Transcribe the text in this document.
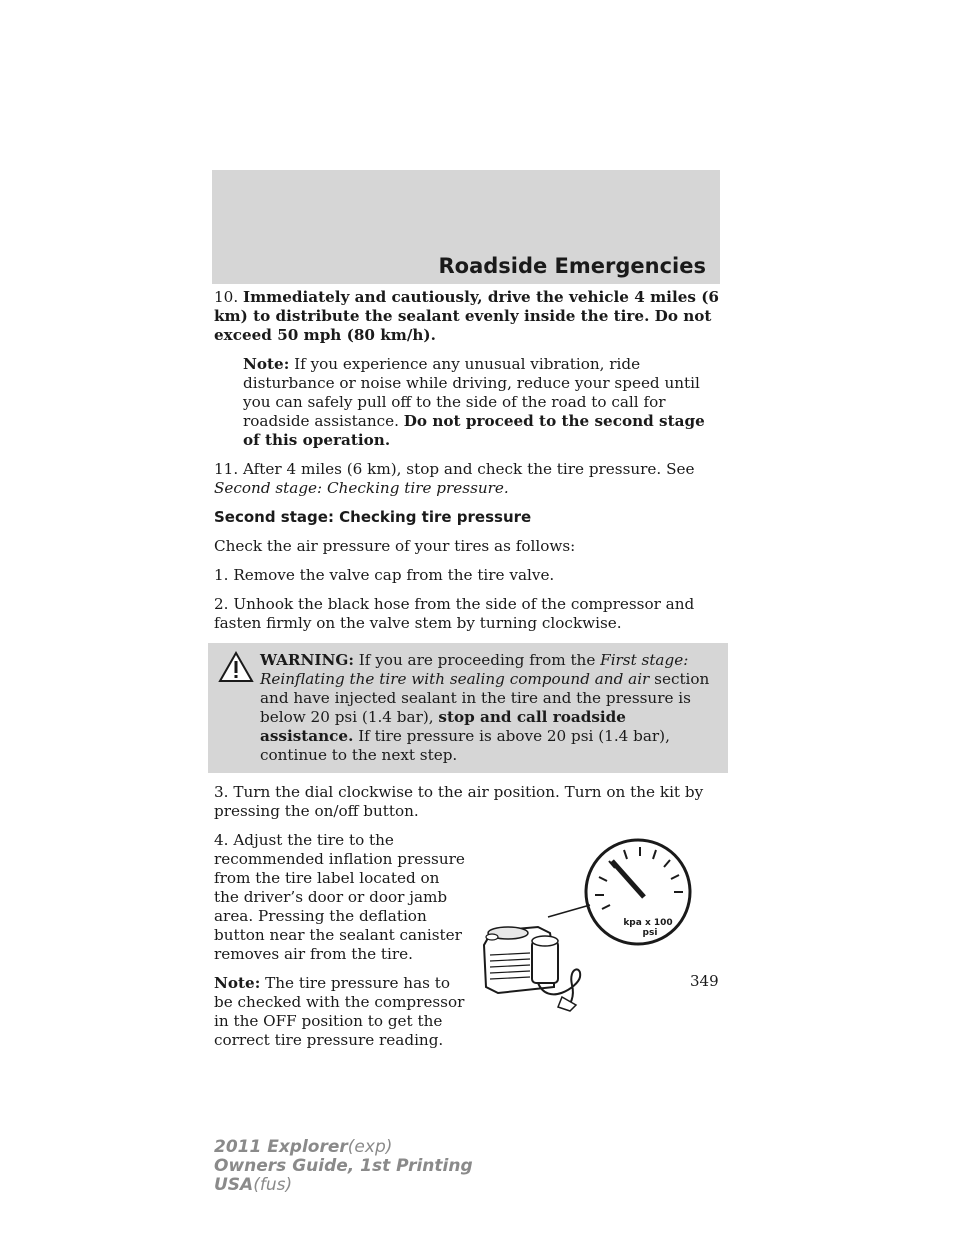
Roadside Emergencies

10. Immediately and cautiously, drive the vehicle 4 miles (6 km) to distribute the sealant evenly inside the tire. Do not exceed 50 mph (80 km/h).

Note: If you experience any unusual vibration, ride disturbance or noise while driving, reduce your speed until you can safely pull off to the side of the road to call for roadside assistance. Do not proceed to the second stage of this operation.

11. After 4 miles (6 km), stop and check the tire pressure. See Second stage: Checking tire pressure.

Second stage: Checking tire pressure

Check the air pressure of your tires as follows:

1. Remove the valve cap from the tire valve.

2. Unhook the black hose from the side of the compressor and fasten firmly on the valve stem by turning clockwise.

WARNING: If you are proceeding from the First stage: Reinflating the tire with sealing compound and air section and have injected sealant in the tire and the pressure is below 20 psi (1.4 bar), stop and call roadside assistance. If tire pressure is above 20 psi (1.4 bar), continue to the next step.

3. Turn the dial clockwise to the air position. Turn on the kit by pressing the on/off button.

4. Adjust the tire to the recommended inflation pressure from the tire label located on the driver’s door or door jamb area. Pressing the deflation button near the sealant canister removes air from the tire.

Note: The tire pressure has to be checked with the compressor in the OFF position to get the correct tire pressure reading.

kpa x 100
psi
349
2011 Explorer(exp)
Owners Guide, 1st Printing
USA(fus)
